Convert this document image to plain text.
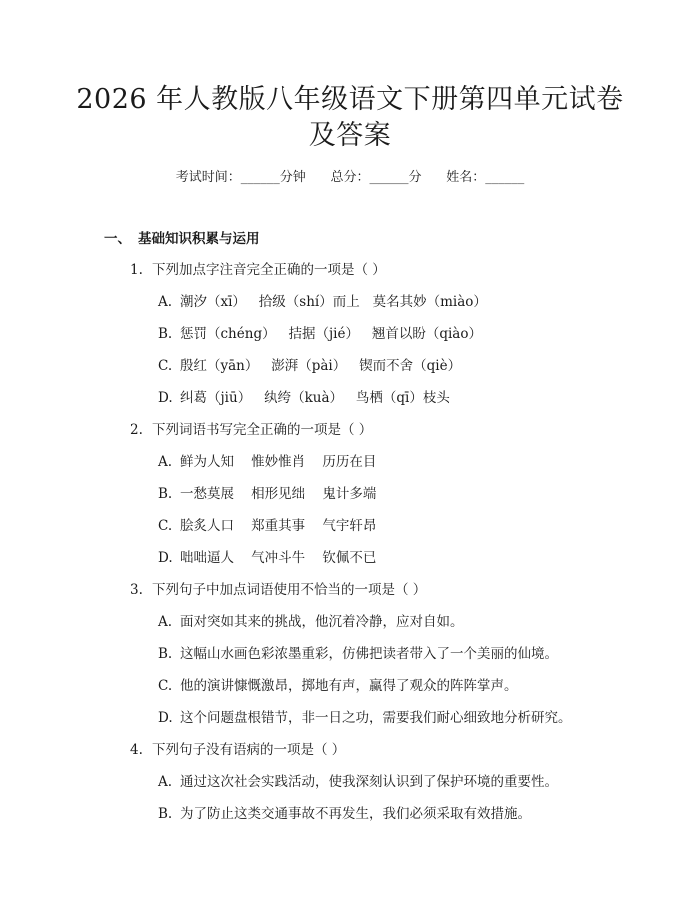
2026 年人教版八年级语文下册第四单元试卷
及答案
考试时间：______分钟      总分：______分      姓名：______
一、 基础知识积累与运用
1. 下列加点字注音完全正确的一项是（ ）
A. 潮汐（xī）   拾级（shí）而上   莫名其妙（miào）
B. 惩罚（chéng）   拮据（jié）   翘首以盼（qiào）
C. 殷红（yān）   澎湃（pài）   锲而不舍（qiè）
D. 纠葛（jiū）   纨绔（kuà）   鸟栖（qī）枝头
2. 下列词语书写完全正确的一项是（ ）
A. 鲜为人知    惟妙惟肖    历历在目
B. 一愁莫展    相形见绌    鬼计多端
C. 脍炙人口    郑重其事    气宇轩昂
D. 咄咄逼人    气冲斗牛    钦佩不已
3. 下列句子中加点词语使用不恰当的一项是（ ）
A. 面对突如其来的挑战，他沉着冷静，应对自如。
B. 这幅山水画色彩浓墨重彩，仿佛把读者带入了一个美丽的仙境。
C. 他的演讲慷慨激昂，掷地有声，赢得了观众的阵阵掌声。
D. 这个问题盘根错节，非一日之功，需要我们耐心细致地分析研究。
4. 下列句子没有语病的一项是（ ）
A. 通过这次社会实践活动，使我深刻认识到了保护环境的重要性。
B. 为了防止这类交通事故不再发生，我们必须采取有效措施。
